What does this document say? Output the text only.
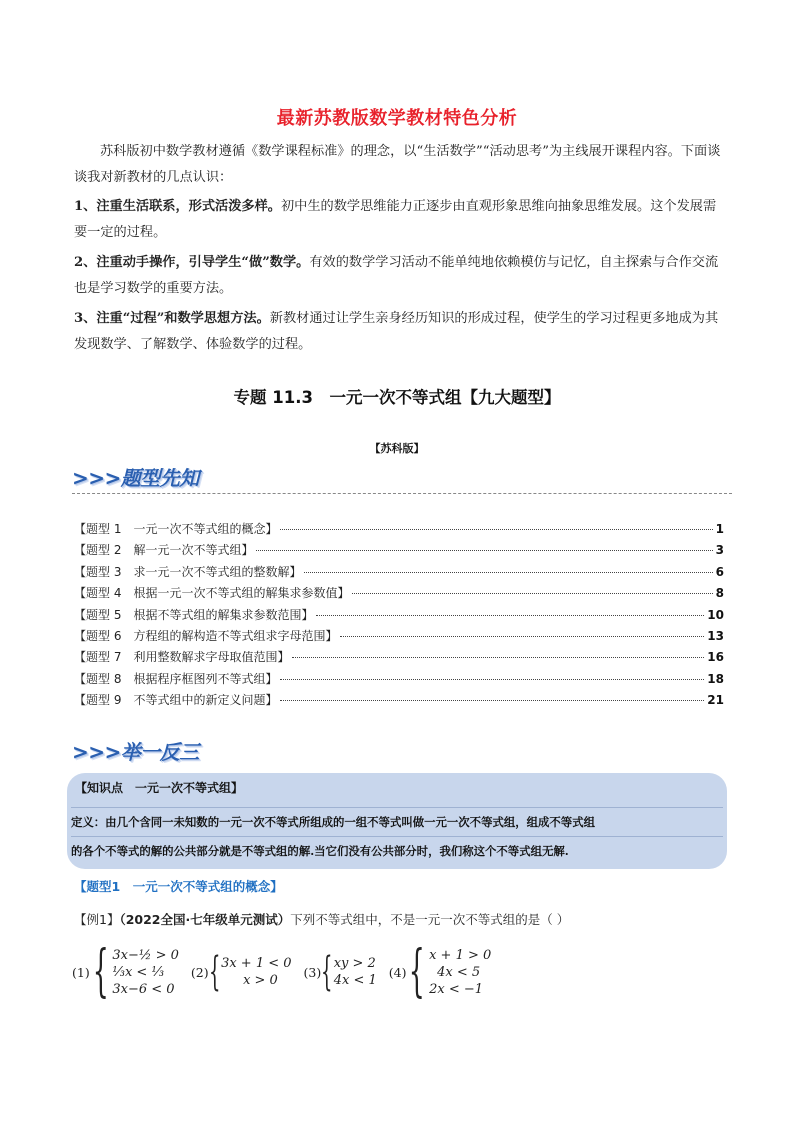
最新苏教版数学教材特色分析
苏科版初中数学教材遵循《数学课程标准》的理念，以“生活数学”“活动思考”为主线展开课程内容。下面谈谈我对新教材的几点认识：
1、注重生活联系，形式活泼多样。初中生的数学思维能力正逐步由直观形象思维向抽象思维发展。这个发展需要一定的过程。
2、注重动手操作，引导学生“做”数学。有效的数学学习活动不能单纯地依赖模仿与记忆，自主探索与合作交流也是学习数学的重要方法。
3、注重“过程”和数学思想方法。新教材通过让学生亲身经历知识的形成过程，使学生的学习过程更多地成为其发现数学、了解数学、体验数学的过程。
专题 11.3　一元一次不等式组【九大题型】
【苏科版】
>>>题型先知
【题型 1　一元一次不等式组的概念】	1
【题型 2　解一元一次不等式组】	3
【题型 3　求一元一次不等式组的整数解】	6
【题型 4　根据一元一次不等式组的解集求参数值】	8
【题型 5　根据不等式组的解集求参数范围】	10
【题型 6　方程组的解构造不等式组求字母范围】	13
【题型 7　利用整数解求字母取值范围】	16
【题型 8　根据程序框图列不等式组】	18
【题型 9　不等式组中的新定义问题】	21
>>>举一反三
【知识点　一元一次不等式组】
定义：由几个含同一未知数的一元一次不等式所组成的一组不等式叫做一元一次不等式组，组成不等式组
的各个不等式的解的公共部分就是不等式组的解.当它们没有公共部分时，我们称这个不等式组无解.
【题型1　一元一次不等式组的概念】
【例1】（2022全国·七年级单元测试）下列不等式组中，不是一元一次不等式组的是（ ）
(1) { 3x−½ > 0
⅓x < ⅓
3x−6 < 0
(2) { 3x + 1 < 0
x > 0
(3) { xy > 2
4x < 1
(4) { x + 1 > 0
4x < 5
2x < −1
